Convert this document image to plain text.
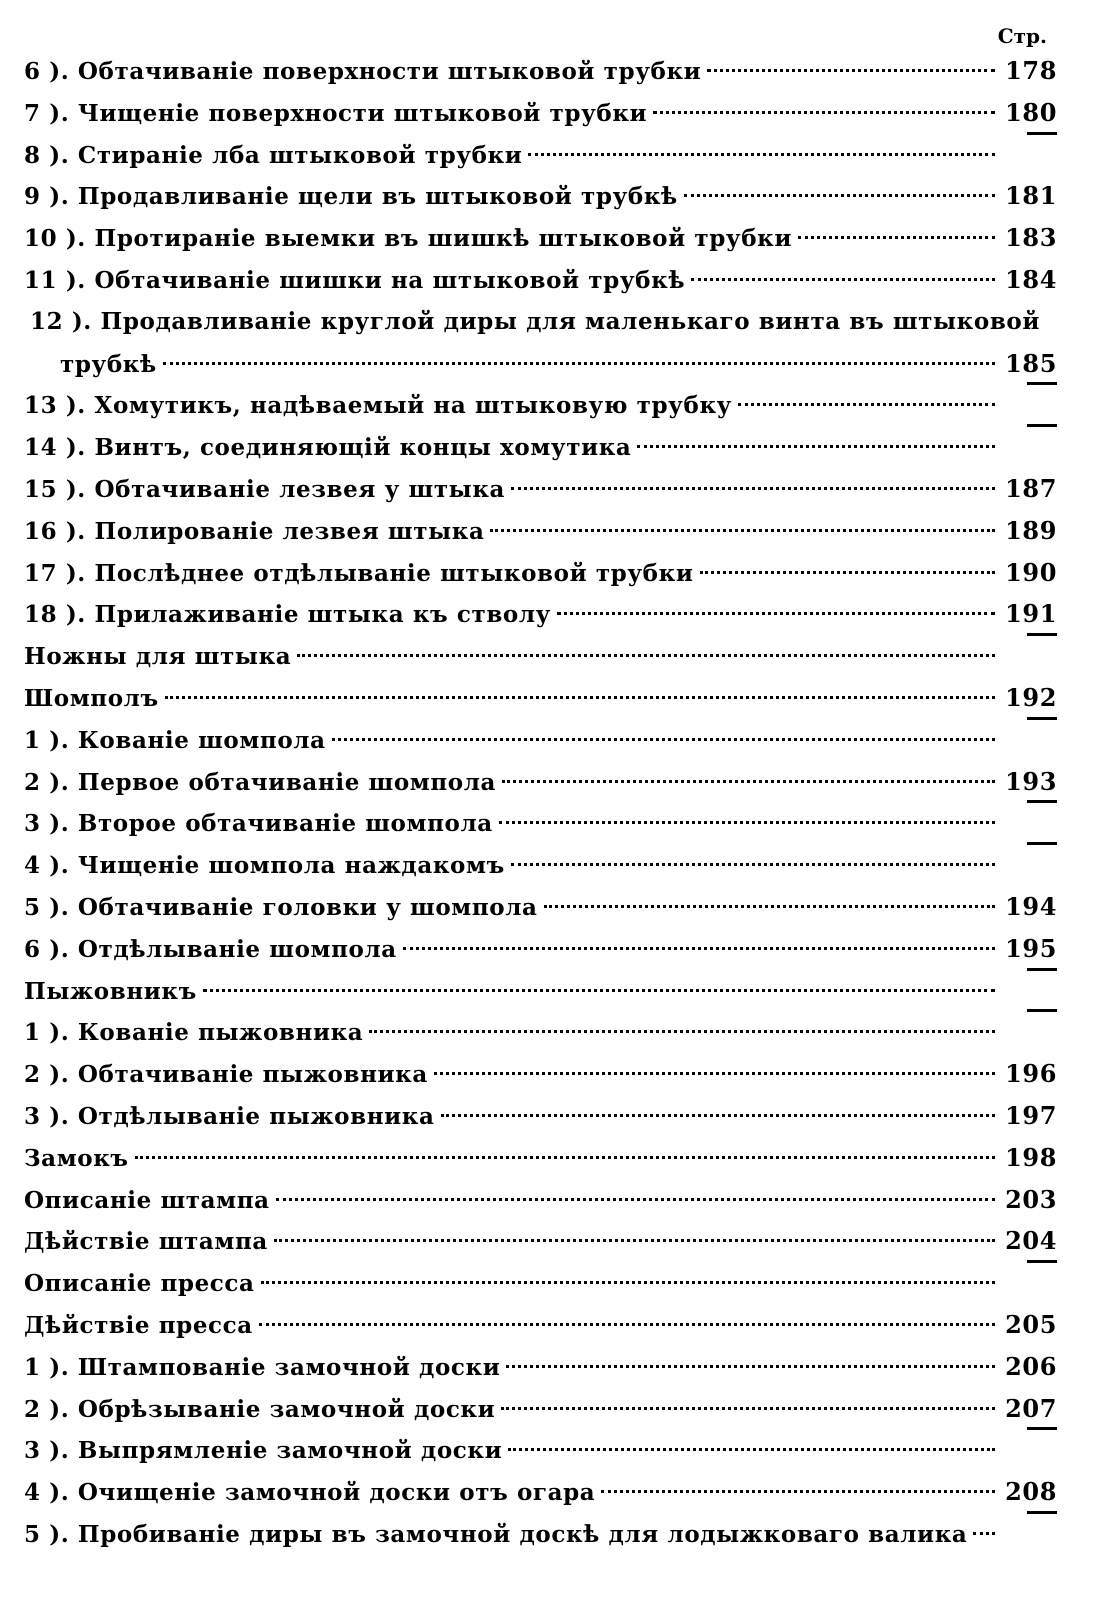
Стр.
6 ). Обтачиваніе поверхности штыковой трубки	178
7 ). Чищеніе поверхности штыковой трубки	180
8 ). Стираніе лба штыковой трубки
9 ). Продавливаніе щели въ штыковой трубкѣ	181
10 ). Протираніе выемки въ шишкѣ штыковой трубки	183
11 ). Обтачиваніе шишки на штыковой трубкѣ	184
12 ). Продавливаніе круглой диры для маленькаго винта въ штыковой
трубкѣ	185
13 ). Хомутикъ, надѣваемый на штыковую трубку
14 ). Винтъ, соединяющій концы хомутика
15 ). Обтачиваніе лезвея у штыка	187
16 ). Полированіе лезвея штыка	189
17 ). Послѣднее отдѣлываніе штыковой трубки	190
18 ). Прилаживаніе штыка къ стволу	191
Ножны для штыка
Шомполъ	192
1 ). Кованіе шомпола
2 ). Первое обтачиваніе шомпола	193
3 ). Второе обтачиваніе шомпола
4 ). Чищеніе шомпола наждакомъ
5 ). Обтачиваніе головки у шомпола	194
6 ). Отдѣлываніе шомпола	195
Пыжовникъ
1 ). Кованіе пыжовника
2 ). Обтачиваніе пыжовника	196
3 ). Отдѣлываніе пыжовника	197
Замокъ	198
Описаніе штампа	203
Дѣйствіе штампа	204
Описаніе пресса
Дѣйствіе пресса	205
1 ). Штампованіе замочной доски	206
2 ). Обрѣзываніе замочной доски	207
3 ). Выпрямленіе замочной доски
4 ). Очищеніе замочной доски отъ огара	208
5 ). Пробиваніе диры въ замочной доскѣ для лодыжковаго валика
